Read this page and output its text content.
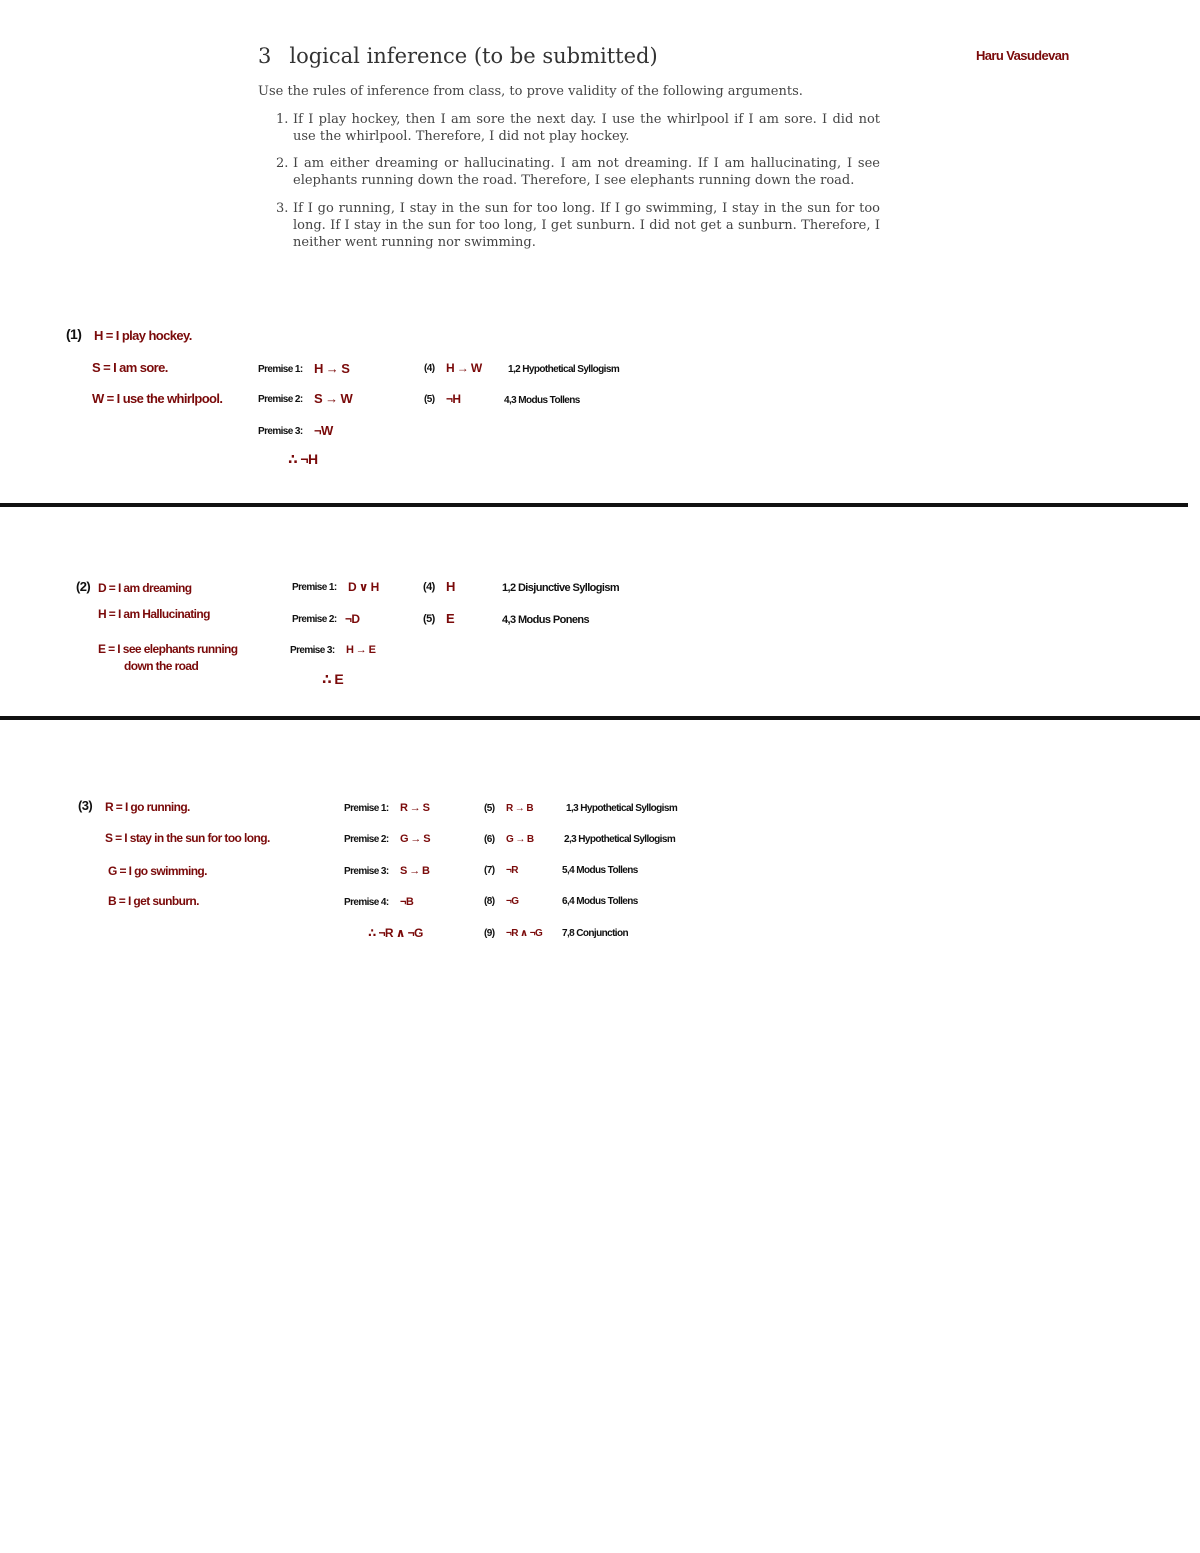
3 logical inference (to be submitted)
Use the rules of inference from class, to prove validity of the following arguments.
1. If I play hockey, then I am sore the next day. I use the whirlpool if I am sore. I did not use the whirlpool. Therefore, I did not play hockey.
2. I am either dreaming or hallucinating. I am not dreaming. If I am hallucinating, I see elephants running down the road. Therefore, I see elephants running down the road.
3. If I go running, I stay in the sun for too long. If I go swimming, I stay in the sun for too long. If I stay in the sun for too long, I get sunburn. I did not get a sunburn. Therefore, I neither went running nor swimming.
Haru Vasudevan
(1) H = I play hockey.
S = I am sore.
W = I use the whirlpool.
Premise 1: H → S
Premise 2: S → W
Premise 3: ¬W
∴ ¬H
(4) H → W	1,2 Hypothetical Syllogism
(5) ¬H	4,3 Modus Tollens
(2) D = I am dreaming
H = I am Hallucinating
E = I see elephants running
down the road
Premise 1: D ∨ H
Premise 2: ¬D
Premise 3: H → E
∴ E
(4) H	1,2 Disjunctive Syllogism
(5) E	4,3 Modus Ponens
(3) R = I go running.
S = I stay in the sun for too long.
G = I go swimming.
B = I get sunburn.
Premise 1: R → S
Premise 2: G → S
Premise 3: S → B
Premise 4: ¬B
∴ ¬R ∧ ¬G
(5) R → B	1,3 Hypothetical Syllogism
(6) G → B	2,3 Hypothetical Syllogism
(7) ¬R	5,4 Modus Tollens
(8) ¬G	6,4 Modus Tollens
(9) ¬R ∧ ¬G 7,8 Conjunction
